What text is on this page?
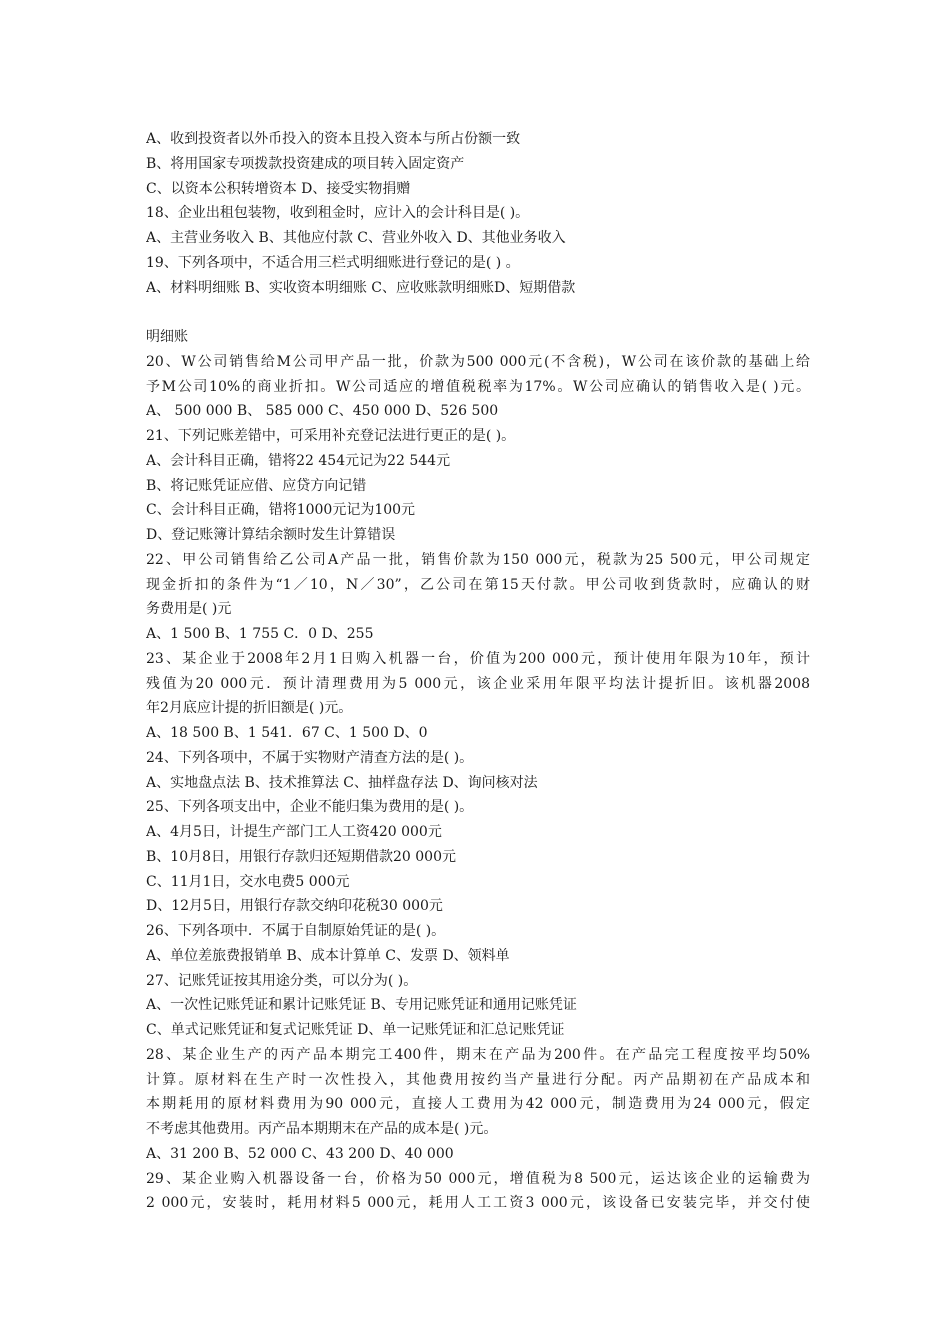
A、收到投资者以外币投入的资本且投入资本与所占份额一致
B、将用国家专项拨款投资建成的项目转入固定资产
C、以资本公积转增资本 D、接受实物捐赠
18、企业出租包装物，收到租金时，应计入的会计科目是( )。
A、主营业务收入 B、其他应付款 C、营业外收入 D、其他业务收入
19、下列各项中，不适合用三栏式明细账进行登记的是( ) 。
A、材料明细账 B、实收资本明细账 C、应收账款明细账D、短期借款
明细账
20、W公司销售给M公司甲产品一批，价款为500 000元(不含税)，W公司在该价款的基础上给
予M公司10%的商业折扣。W公司适应的增值税税率为17%。W公司应确认的销售收入是( )元。
A、 500 000 B、 585 000 C、450 000 D、526 500
21、下列记账差错中，可采用补充登记法进行更正的是( )。
A、会计科目正确，错将22 454元记为22 544元
B、将记账凭证应借、应贷方向记错
C、会计科目正确，错将1000元记为100元
D、登记账簿计算结余额时发生计算错误
22、甲公司销售给乙公司A产品一批，销售价款为150 000元，税款为25 500元，甲公司规定
现金折扣的条件为“1／10，N／30”，乙公司在第15天付款。甲公司收到货款时，应确认的财
务费用是( )元
A、1 500 B、1 755 C．0 D、255
23、某企业于2008年2月1日购入机器一台，价值为200 000元，预计使用年限为10年，预计
残值为20 000元．预计清理费用为5 000元，该企业采用年限平均法计提折旧。该机器2008
年2月底应计提的折旧额是( )元。
A、18 500 B、1 541．67 C、1 500 D、0
24、下列各项中，不属于实物财产清查方法的是( )。
A、实地盘点法 B、技术推算法 C、抽样盘存法 D、询问核对法
25、下列各项支出中，企业不能归集为费用的是( )。
A、4月5日，计提生产部门工人工资420 000元
B、10月8日，用银行存款归还短期借款20 000元
C、11月1日，交水电费5 000元
D、12月5日，用银行存款交纳印花税30 000元
26、下列各项中．不属于自制原始凭证的是( )。
A、单位差旅费报销单 B、成本计算单 C、发票 D、领料单
27、记账凭证按其用途分类，可以分为( )。
A、一次性记账凭证和累计记账凭证 B、专用记账凭证和通用记账凭证
C、单式记账凭证和复式记账凭证 D、单一记账凭证和汇总记账凭证
28、某企业生产的丙产品本期完工400件，期末在产品为200件。在产品完工程度按平均50%
计算。原材料在生产时一次性投入，其他费用按约当产量进行分配。丙产品期初在产品成本和
本期耗用的原材料费用为90 000元，直接人工费用为42 000元，制造费用为24 000元，假定
不考虑其他费用。丙产品本期期末在产品的成本是( )元。
A、31 200 B、52 000 C、43 200 D、40 000
29、某企业购入机器设备一台，价格为50 000元，增值税为8 500元，运达该企业的运输费为
2 000元，安装时，耗用材料5 000元，耗用人工工资3 000元，该设备已安装完毕，并交付使
